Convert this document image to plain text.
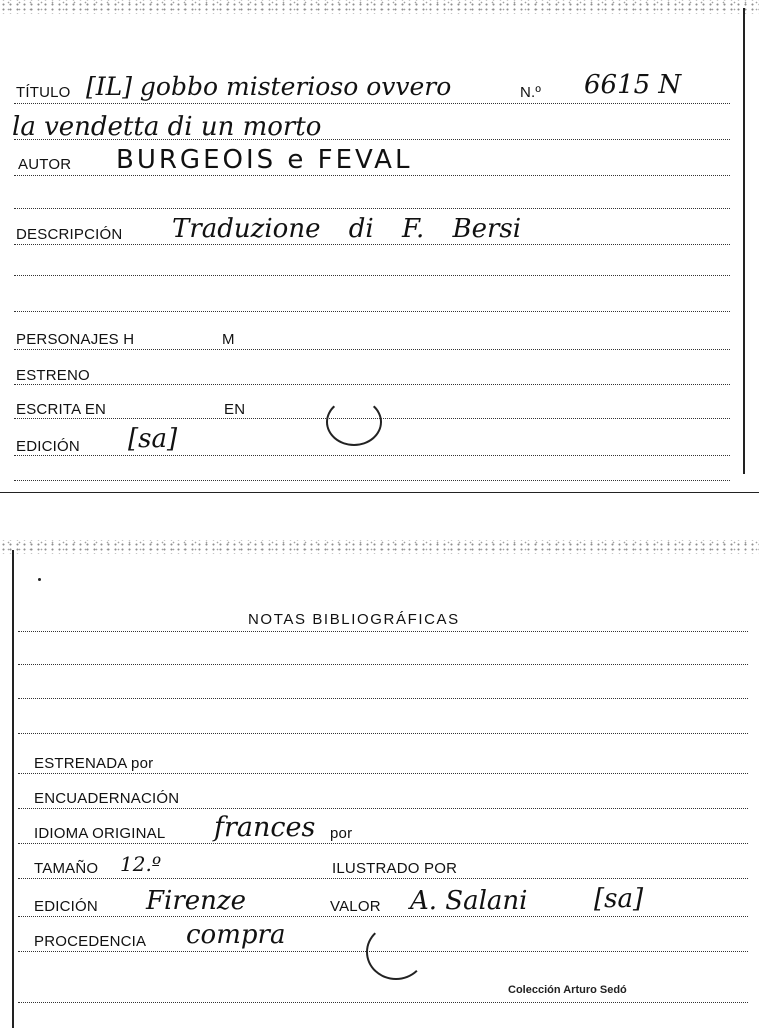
TÍTULO [IL] gobbo misterioso ovvero	N.º 6615 N
la vendetta di un morto
AUTOR BURGEOIS e FEVAL
DESCRIPCIÓN Traduzione di F. Bersi
PERSONAJES H	M
ESTRENO
ESCRITA EN	EN
EDICIÓN [sa]
NOTAS BIBLIOGRÁFICAS
ESTRENADA por
ENCUADERNACIÓN
IDIOMA ORIGINAL frances por
TAMAÑO 12.º	ILUSTRADO POR
EDICIÓN Firenze	VALOR A. Salani	[sa]
PROCEDENCIA compra
Colección Arturo Sedó
